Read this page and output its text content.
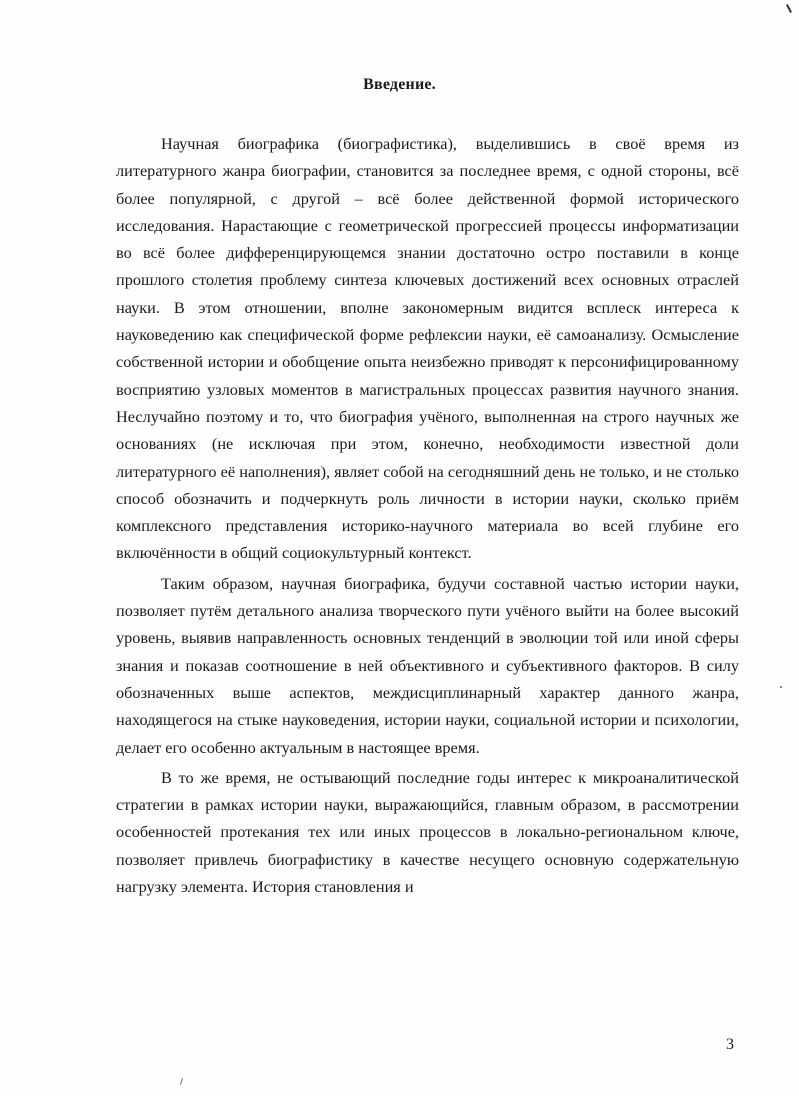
Введение.

Научная биографика (биографистика), выделившись в своё время из литературного жанра биографии, становится за последнее время, с одной стороны, всё более популярной, с другой – всё более действенной формой исторического исследования. Нарастающие с геометрической прогрессией процессы информатизации во всё более дифференцирующемся знании достаточно остро поставили в конце прошлого столетия проблему синтеза ключевых достижений всех основных отраслей науки. В этом отношении, вполне закономерным видится всплеск интереса к науковедению как специфической форме рефлексии науки, её самоанализу. Осмысление собственной истории и обобщение опыта неизбежно приводят к персонифицированному восприятию узловых моментов в магистральных процессах развития научного знания. Неслучайно поэтому и то, что биография учёного, выполненная на строго научных же основаниях (не исключая при этом, конечно, необходимости известной доли литературного её наполнения), являет собой на сегодняшний день не только, и не столько способ обозначить и подчеркнуть роль личности в истории науки, сколько приём комплексного представления историко-научного материала во всей глубине его включённости в общий социокультурный контекст.

Таким образом, научная биографика, будучи составной частью истории науки, позволяет путём детального анализа творческого пути учёного выйти на более высокий уровень, выявив направленность основных тенденций в эволюции той или иной сферы знания и показав соотношение в ней объективного и субъективного факторов. В силу обозначенных выше аспектов, междисциплинарный характер данного жанра, находящегося на стыке науковедения, истории науки, социальной истории и психологии, делает его особенно актуальным в настоящее время.

В то же время, не остывающий последние годы интерес к микроаналитической стратегии в рамках истории науки, выражающийся, главным образом, в рассмотрении особенностей протекания тех или иных процессов в локально-региональном ключе, позволяет привлечь биографистику в качестве несущего основную содержательную нагрузку элемента. История становления и

3
